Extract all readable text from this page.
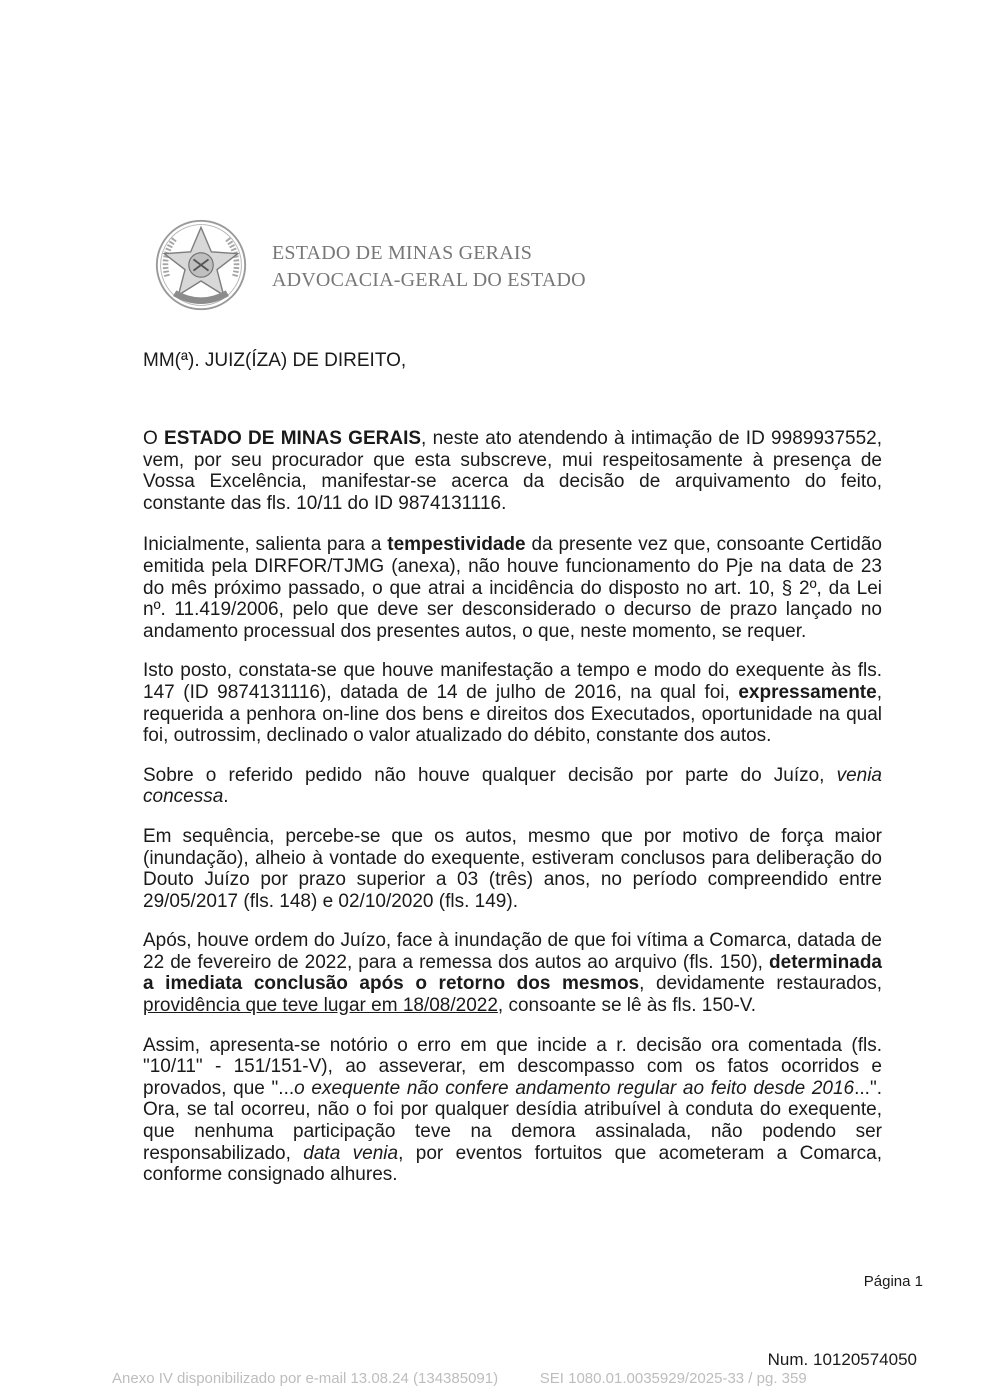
ESTADO DE MINAS GERAIS
ADVOCACIA-GERAL DO ESTADO
MM(ª). JUIZ(ÍZA) DE DIREITO,

O ESTADO DE MINAS GERAIS, neste ato atendendo à intimação de ID 9989937552, vem, por seu procurador que esta subscreve, mui respeitosamente à presença de Vossa Excelência, manifestar-se acerca da decisão de arquivamento do feito, constante das fls. 10/11 do ID 9874131116.

Inicialmente, salienta para a tempestividade da presente vez que, consoante Certidão emitida pela DIRFOR/TJMG (anexa), não houve funcionamento do Pje na data de 23 do mês próximo passado, o que atrai a incidência do disposto no art. 10, § 2º, da Lei nº. 11.419/2006, pelo que deve ser desconsiderado o decurso de prazo lançado no andamento processual dos presentes autos, o que, neste momento, se requer.

Isto posto, constata-se que houve manifestação a tempo e modo do exequente às fls. 147 (ID 9874131116), datada de 14 de julho de 2016, na qual foi, expressamente, requerida a penhora on-line dos bens e direitos dos Executados, oportunidade na qual foi, outrossim, declinado o valor atualizado do débito, constante dos autos.

Sobre o referido pedido não houve qualquer decisão por parte do Juízo, venia concessa.

Em sequência, percebe-se que os autos, mesmo que por motivo de força maior (inundação), alheio à vontade do exequente, estiveram conclusos para deliberação do Douto Juízo por prazo superior a 03 (três) anos, no período compreendido entre 29/05/2017 (fls. 148) e 02/10/2020 (fls. 149).

Após, houve ordem do Juízo, face à inundação de que foi vítima a Comarca, datada de 22 de fevereiro de 2022, para a remessa dos autos ao arquivo (fls. 150), determinada a imediata conclusão após o retorno dos mesmos, devidamente restaurados, providência que teve lugar em 18/08/2022, consoante se lê às fls. 150-V.

Assim, apresenta-se notório o erro em que incide a r. decisão ora comentada (fls. "10/11" - 151/151-V), ao asseverar, em descompasso com os fatos ocorridos e provados, que "...o exequente não confere andamento regular ao feito desde 2016...". Ora, se tal ocorreu, não o foi por qualquer desídia atribuível à conduta do exequente, que nenhuma participação teve na demora assinalada, não podendo ser responsabilizado, data venia, por eventos fortuitos que acometeram a Comarca, conforme consignado alhures.

Página 1
Num. 10120574050
Anexo IV disponibilizado por e-mail 13.08.24 (134385091)	SEI 1080.01.0035929/2025-33 / pg. 359
